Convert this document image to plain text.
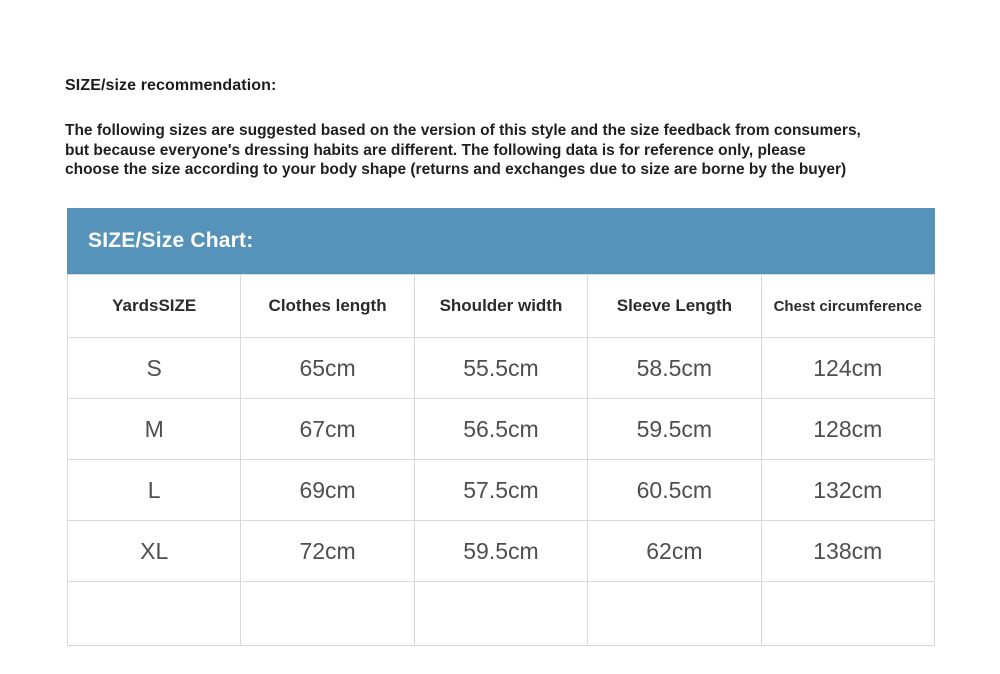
SIZE/size recommendation:
The following sizes are suggested based on the version of this style and the size feedback from consumers,
but because everyone's dressing habits are different. The following data is for reference only, please
choose the size according to your body shape (returns and exchanges due to size are borne by the buyer)
SIZE/Size Chart:
YardsSIZE	Clothes length	Shoulder width	Sleeve Length	Chest circumference
S	65cm	55.5cm	58.5cm	124cm
M	67cm	56.5cm	59.5cm	128cm
L	69cm	57.5cm	60.5cm	132cm
XL	72cm	59.5cm	62cm	138cm
